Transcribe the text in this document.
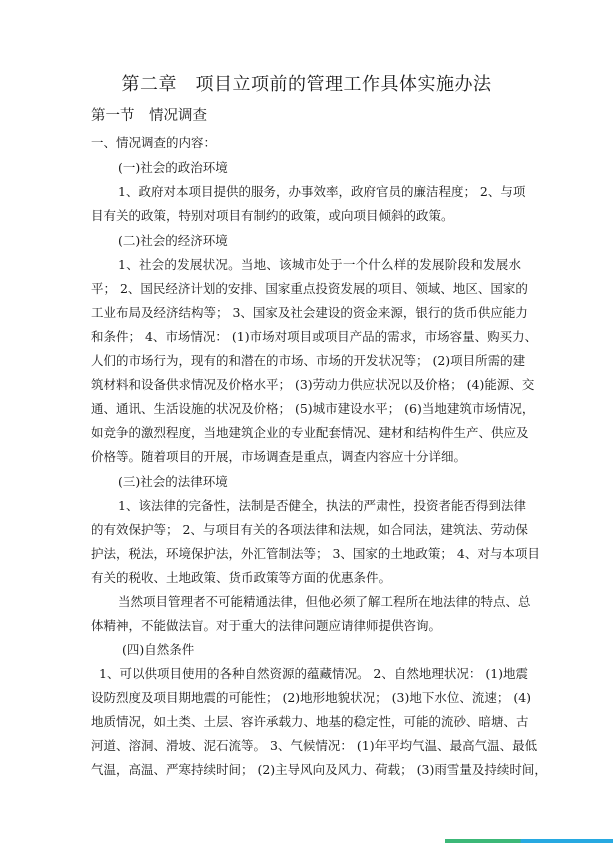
第二章　项目立项前的管理工作具体实施办法
第一节　情况调查
一、情况调查的内容：
(一)社会的政治环境
1、政府对本项目提供的服务，办事效率，政府官员的廉洁程度； 2、与项
目有关的政策，特别对项目有制约的政策，或向项目倾斜的政策。
(二)社会的经济环境
1、社会的发展状况。当地、该城市处于一个什么样的发展阶段和发展水
平； 2、国民经济计划的安排、国家重点投资发展的项目、领域、地区、国家的
工业布局及经济结构等； 3、国家及社会建设的资金来源，银行的货币供应能力
和条件； 4、市场情况： (1)市场对项目或项目产品的需求，市场容量、购买力、
人们的市场行为，现有的和潜在的市场、市场的开发状况等； (2)项目所需的建
筑材料和设备供求情况及价格水平； (3)劳动力供应状况以及价格； (4)能源、交
通、通讯、生活设施的状况及价格； (5)城市建设水平； (6)当地建筑市场情况，
如竞争的激烈程度，当地建筑企业的专业配套情况、建材和结构件生产、供应及
价格等。随着项目的开展，市场调查是重点，调查内容应十分详细。
(三)社会的法律环境
1、该法律的完备性，法制是否健全，执法的严肃性，投资者能否得到法律
的有效保护等； 2、与项目有关的各项法律和法规，如合同法，建筑法、劳动保
护法，税法，环境保护法，外汇管制法等； 3、国家的土地政策； 4、对与本项目
有关的税收、土地政策、货币政策等方面的优惠条件。
当然项目管理者不可能精通法律，但他必须了解工程所在地法律的特点、总
体精神，不能做法盲。对于重大的法律问题应请律师提供咨询。
(四)自然条件
1、可以供项目使用的各种自然资源的蕴藏情况。 2、自然地理状况： (1)地震
设防烈度及项目期地震的可能性； (2)地形地貌状况； (3)地下水位、流速； (4)
地质情况，如土类、土层、容许承载力、地基的稳定性，可能的流砂、暗塘、古
河道、溶洞、滑坡、泥石流等。 3、气候情况： (1)年平均气温、最高气温、最低
气温，高温、严寒持续时间； (2)主导风向及风力、荷载； (3)雨雪量及持续时间，
